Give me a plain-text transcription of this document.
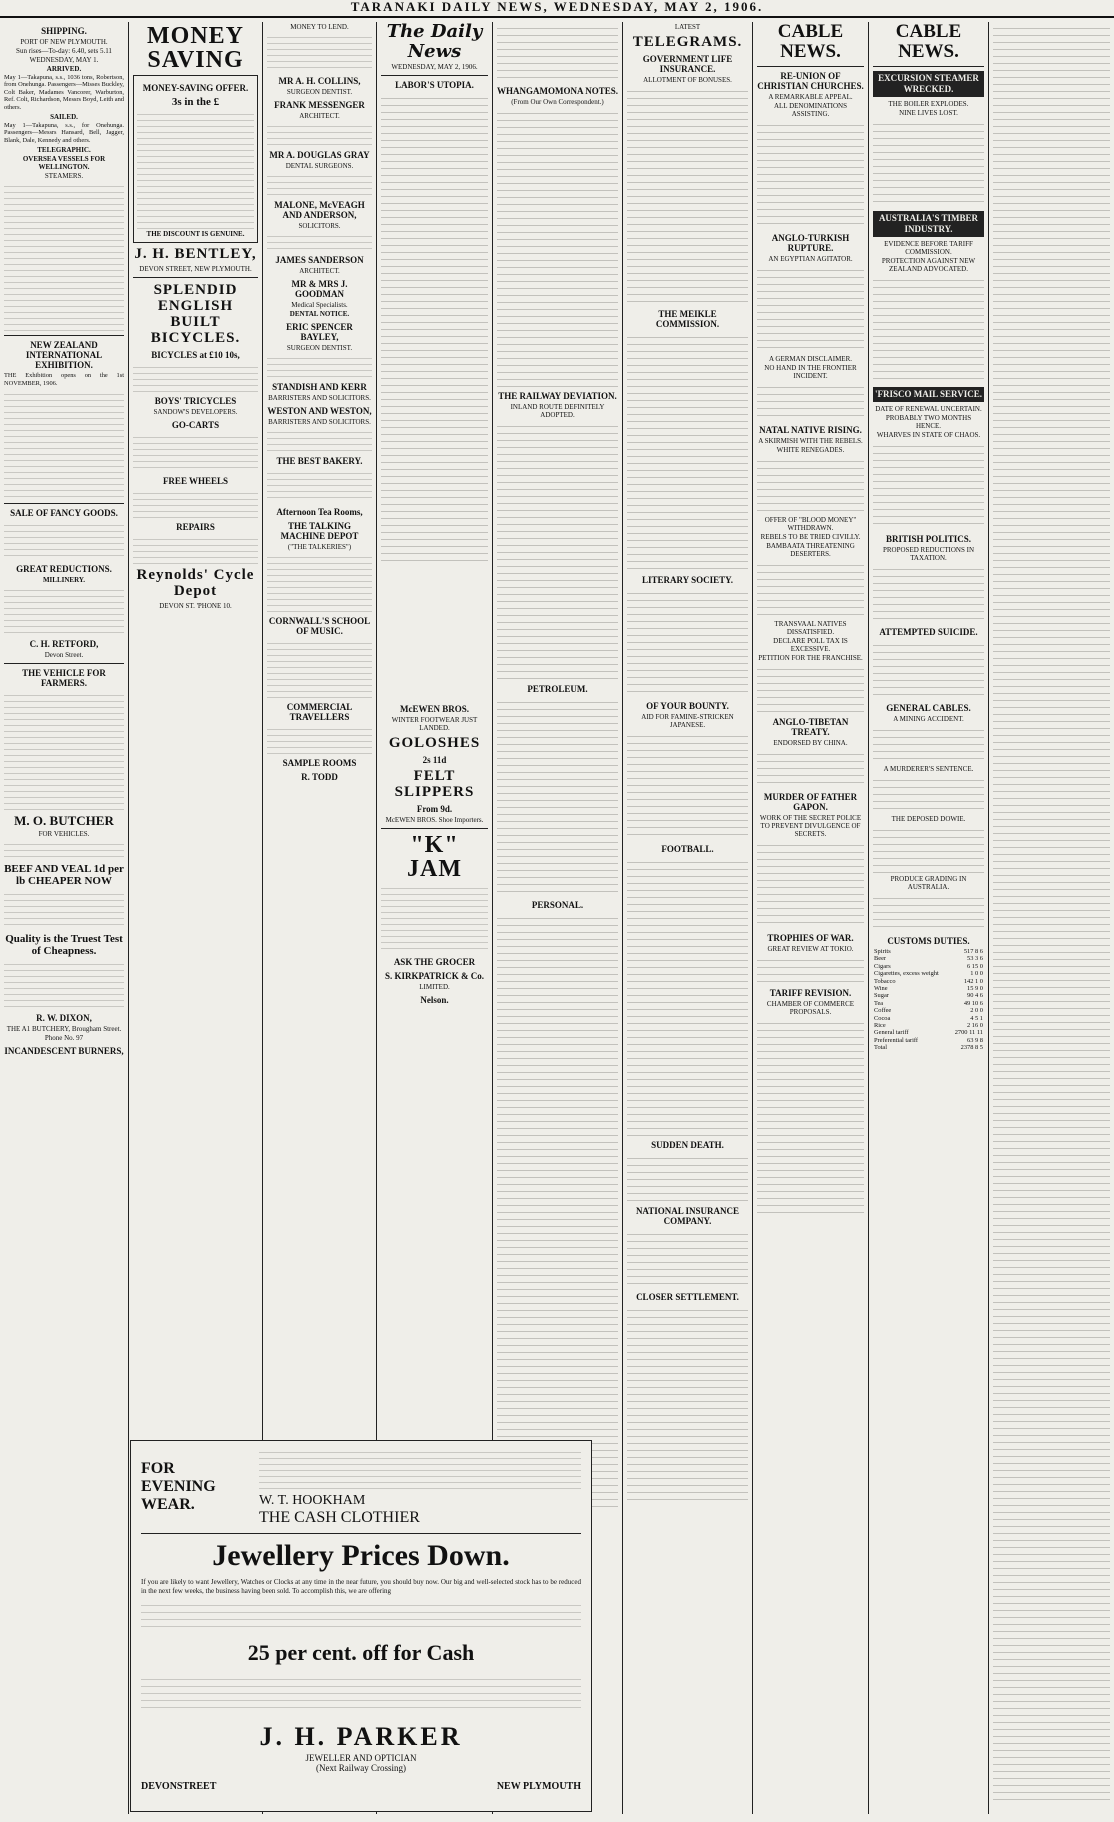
TARANAKI DAILY NEWS, WEDNESDAY, MAY 2, 1906.
SHIPPING.
PORT OF NEW PLYMOUTH.
Sun rises—To-day: 6.40, sets 5.11
WEDNESDAY, MAY 1.
ARRIVED.

May 1—Takapuna, s.s., 1036 tons, Robertson, from Onehunga. Passengers—Misses Buckley, Colt Baker, Madames Vancorer, Warburton, Ref. Colt, Richardson, Messrs Boyd, Leith and others.

SAILED.

May 1—Takapuna, s.s., for Onehunga. Passengers—Messrs Hansard, Bell, Jagger, Blank, Dale, Kennedy and others.

TELEGRAPHIC.
OVERSEA VESSELS FOR WELLINGTON.
STEAMERS.
NEW ZEALAND INTERNATIONAL EXHIBITION.

THE Exhibition opens on the 1st NOVEMBER, 1906.

SALE OF FANCY GOODS.
GREAT REDUCTIONS.
MILLINERY.
C. H. RETFORD,
Devon Street.
THE VEHICLE FOR FARMERS.
M. O. BUTCHER
FOR VEHICLES.
BEEF AND VEAL 1d per lb CHEAPER NOW
Quality is the Truest Test of Cheapness.
R. W. DIXON,
THE A1 BUTCHERY, Brougham Street.
Phone No. 97
INCANDESCENT BURNERS,
MONEY SAVING
MONEY-SAVING OFFER.
3s in the £
THE DISCOUNT IS GENUINE.
J. H. BENTLEY,
DEVON STREET, NEW PLYMOUTH.
SPLENDID ENGLISH BUILT BICYCLES.
BICYCLES at £10 10s,
BOYS' TRICYCLES
SANDOW'S DEVELOPERS.
GO-CARTS
FREE WHEELS
REPAIRS
Reynolds' Cycle Depot
DEVON ST. 'PHONE 10.
MONEY TO LEND.
MR A. H. COLLINS,
SURGEON DENTIST.
FRANK MESSENGER
ARCHITECT.
MR A. DOUGLAS GRAY
DENTAL SURGEONS.
MALONE, McVEAGH AND ANDERSON,
SOLICITORS.
JAMES SANDERSON
ARCHITECT.
MR & MRS J. GOODMAN
Medical Specialists.
DENTAL NOTICE.
ERIC SPENCER BAYLEY,
SURGEON DENTIST.
STANDISH AND KERR
BARRISTERS AND SOLICITORS.
WESTON AND WESTON,
BARRISTERS AND SOLICITORS.
THE BEST BAKERY.
Afternoon Tea Rooms,
THE TALKING MACHINE DEPOT
("THE TALKERIES")
CORNWALL'S SCHOOL OF MUSIC.
COMMERCIAL TRAVELLERS
SAMPLE ROOMS
R. TODD
The Daily News
WEDNESDAY, MAY 2, 1906.
LABOR'S UTOPIA.
McEWEN BROS.
WINTER FOOTWEAR JUST LANDED.
GOLOSHES
2s 11d
FELT SLIPPERS
From 9d.
McEWEN BROS. Shoe Importers.
"K" JAM
ASK THE GROCER
S. KIRKPATRICK & Co.
LIMITED.
Nelson.
WHANGAMOMONA NOTES.
(From Our Own Correspondent.)
THE RAILWAY DEVIATION.
INLAND ROUTE DEFINITELY ADOPTED.
PETROLEUM.
PERSONAL.
LATEST
TELEGRAMS.
GOVERNMENT LIFE INSURANCE.
ALLOTMENT OF BONUSES.
THE MEIKLE COMMISSION.
LITERARY SOCIETY.
OF YOUR BOUNTY.
AID FOR FAMINE-STRICKEN JAPANESE.
FOOTBALL.
SUDDEN DEATH.
NATIONAL INSURANCE COMPANY.
CLOSER SETTLEMENT.
CABLE NEWS.
RE-UNION OF CHRISTIAN CHURCHES.
A REMARKABLE APPEAL.
ALL DENOMINATIONS ASSISTING.
ANGLO-TURKISH RUPTURE.
AN EGYPTIAN AGITATOR.
A GERMAN DISCLAIMER.
NO HAND IN THE FRONTIER INCIDENT.
NATAL NATIVE RISING.
A SKIRMISH WITH THE REBELS.
WHITE RENEGADES.
OFFER OF "BLOOD MONEY" WITHDRAWN.
REBELS TO BE TRIED CIVILLY.
BAMBAATA THREATENING DESERTERS.
TRANSVAAL NATIVES DISSATISFIED.
DECLARE POLL TAX IS EXCESSIVE.
PETITION FOR THE FRANCHISE.
ANGLO-TIBETAN TREATY.
ENDORSED BY CHINA.
MURDER OF FATHER GAPON.
WORK OF THE SECRET POLICE TO PREVENT DIVULGENCE OF SECRETS.
TROPHIES OF WAR.
GREAT REVIEW AT TOKIO.
TARIFF REVISION.
CHAMBER OF COMMERCE PROPOSALS.
CABLE NEWS.
EXCURSION STEAMER WRECKED.
THE BOILER EXPLODES.
NINE LIVES LOST.
AUSTRALIA'S TIMBER INDUSTRY.
EVIDENCE BEFORE TARIFF COMMISSION.
PROTECTION AGAINST NEW ZEALAND ADVOCATED.
'FRISCO MAIL SERVICE.
DATE OF RENEWAL UNCERTAIN.
PROBABLY TWO MONTHS HENCE.
WHARVES IN STATE OF CHAOS.
BRITISH POLITICS.
PROPOSED REDUCTIONS IN TAXATION.
ATTEMPTED SUICIDE.
GENERAL CABLES.
A MINING ACCIDENT.
A MURDERER'S SENTENCE.
THE DEPOSED DOWIE.
PRODUCE GRADING IN AUSTRALIA.
CUSTOMS DUTIES.
Spirits	517 8 6
Beer	53 3 6
Cigars	6 15 0
Cigarettes, excess weight	1 0 0
Tobacco	142 1 0
Wine	15 9 0
Sugar	90 4 6
Tea	49 10 6
Coffee	2 0 0
Cocoa	4 5 1
Rice	2 16 0
General tariff	2700 11 11
Preferential tariff	63 9 8
Total	2378 8 5
FOR EVENING WEAR.	W. T. HOOKHAM
THE CASH CLOTHIER
Jewellery Prices Down.

If you are likely to want Jewellery, Watches or Clocks at any time in the near future, you should buy now. Our big and well-selected stock has to be reduced in the next few weeks, the business having been sold. To accomplish this, we are offering

25 per cent. off for Cash
J. H. PARKER
JEWELLER AND OPTICIAN
(Next Railway Crossing)
DEVONSTREET	NEW PLYMOUTH
